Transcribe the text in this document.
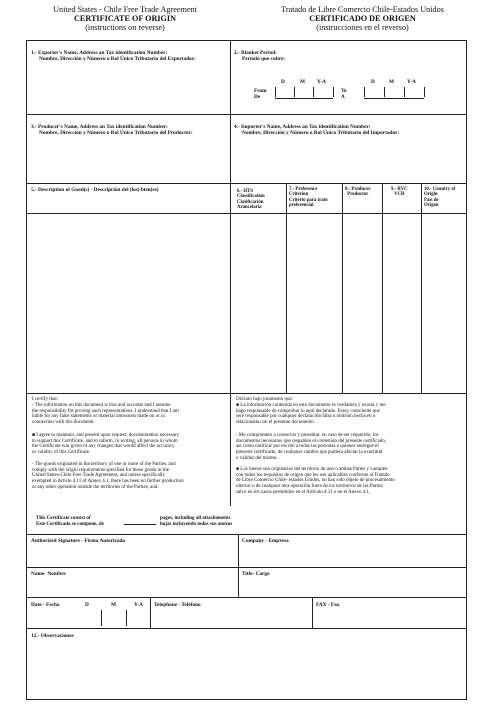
United States - Chile Free Trade Agreement
CERTIFICATE OF ORIGIN
(instructions on reverse)
Tratado de Libre Comercio Chile-Estados Unidos
CERTIFICADO DE ORIGEN
(instrucciones en el reverso)

1.- Exporter's Name, Address an Tax identification Number:

Nombre, Dirección y Número o Rol Único Tributario del Exportador:

2.- Blanket Period:

Período que cubre:

D	M Y-A	D	M Y-A
From
De
To
A

3.- Producer's Name, Address an Tax identification Number:

Nombre, Dirección y Número o Rol Único Tributario del Productor:

4.- Importer's Name, Address an Tax identification Number:

Nombre, Dirección y Número o Rol Único Tributario del Importador:

5.- Description of Good(s) - Descripción del (los) bien(es)	6.- HTS
Classification
Clasificación
Arancelaria
7.- Preference
Criterion
Criterio para trato
preferencial
8.- Producer
Productor
9.- RVC
VCR
10.- Country of
Origin
País de
Origen
I certify that:
- The information on this document is true and accurate and I assume
the responsibility for proving such representations. I understand that I am
liable for any false statements or material omissions made on or in
connection with this document.
■ I agree to maintain, and present upon request, documentation necessary
to support this Certificate, and to inform, in writing, all persons to whom
the Certificate was given of any changes that would affect the accuracy
or validity of this Certificate.
- The goods originated in the territory of one or more of the Parties, and
comply with the origin requirements specified for those goods in the
United States-Chile Free Trade Agreement, and unless specifically
exempted in Article 4.11 of Annex 4.1, there has been no further production
or any other operation outside the territories of the Parties, and.
Declaro bajo juramento que:
■ La información contenida en este documento es verdadera y exacta y me
hago responsable de comprobar lo aquí declarado. Estoy consciente que
seré responsable por cualquier declaración falsa u omisión hecha en o
relacionada con el presente documento.
- Me comprometo a conservar y presentar, en caso de ser requerido, los
documentos necesarios que respalden el contenido del presente certificado,
así como notificar por escrito a todas las personas a quienes entregue el
presente certificado, de cualquier cambio que pudiera afectar la exactitud
o validez del mismo.
■ Los bienes son originarios del territorio de uno o ambas Partes y cumplen
con todos los requisitos de origen que les son aplicables conforme al Tratado
de Libre Comercio Chile- estados Unidos, no han sido objeto de procesamiento
ulterior o de cualquier otra operación fuera de los territorios de las Partes;
salvo en los casos permitidos en el Artículo 4.11 o en el Anexo 4.1.
This Certificate consist of
Este Certificado se compone, de
pages, including all attachements
hojas incluyendo todos sus anexos
Authorized Signature - Firma Autorizada	Company - Empresa
Name- Nombre	Title- Cargo
Date - Fecha	D	M	Y-A Telephone - Teléfono	FAX - Fax
12.- Observaciones
